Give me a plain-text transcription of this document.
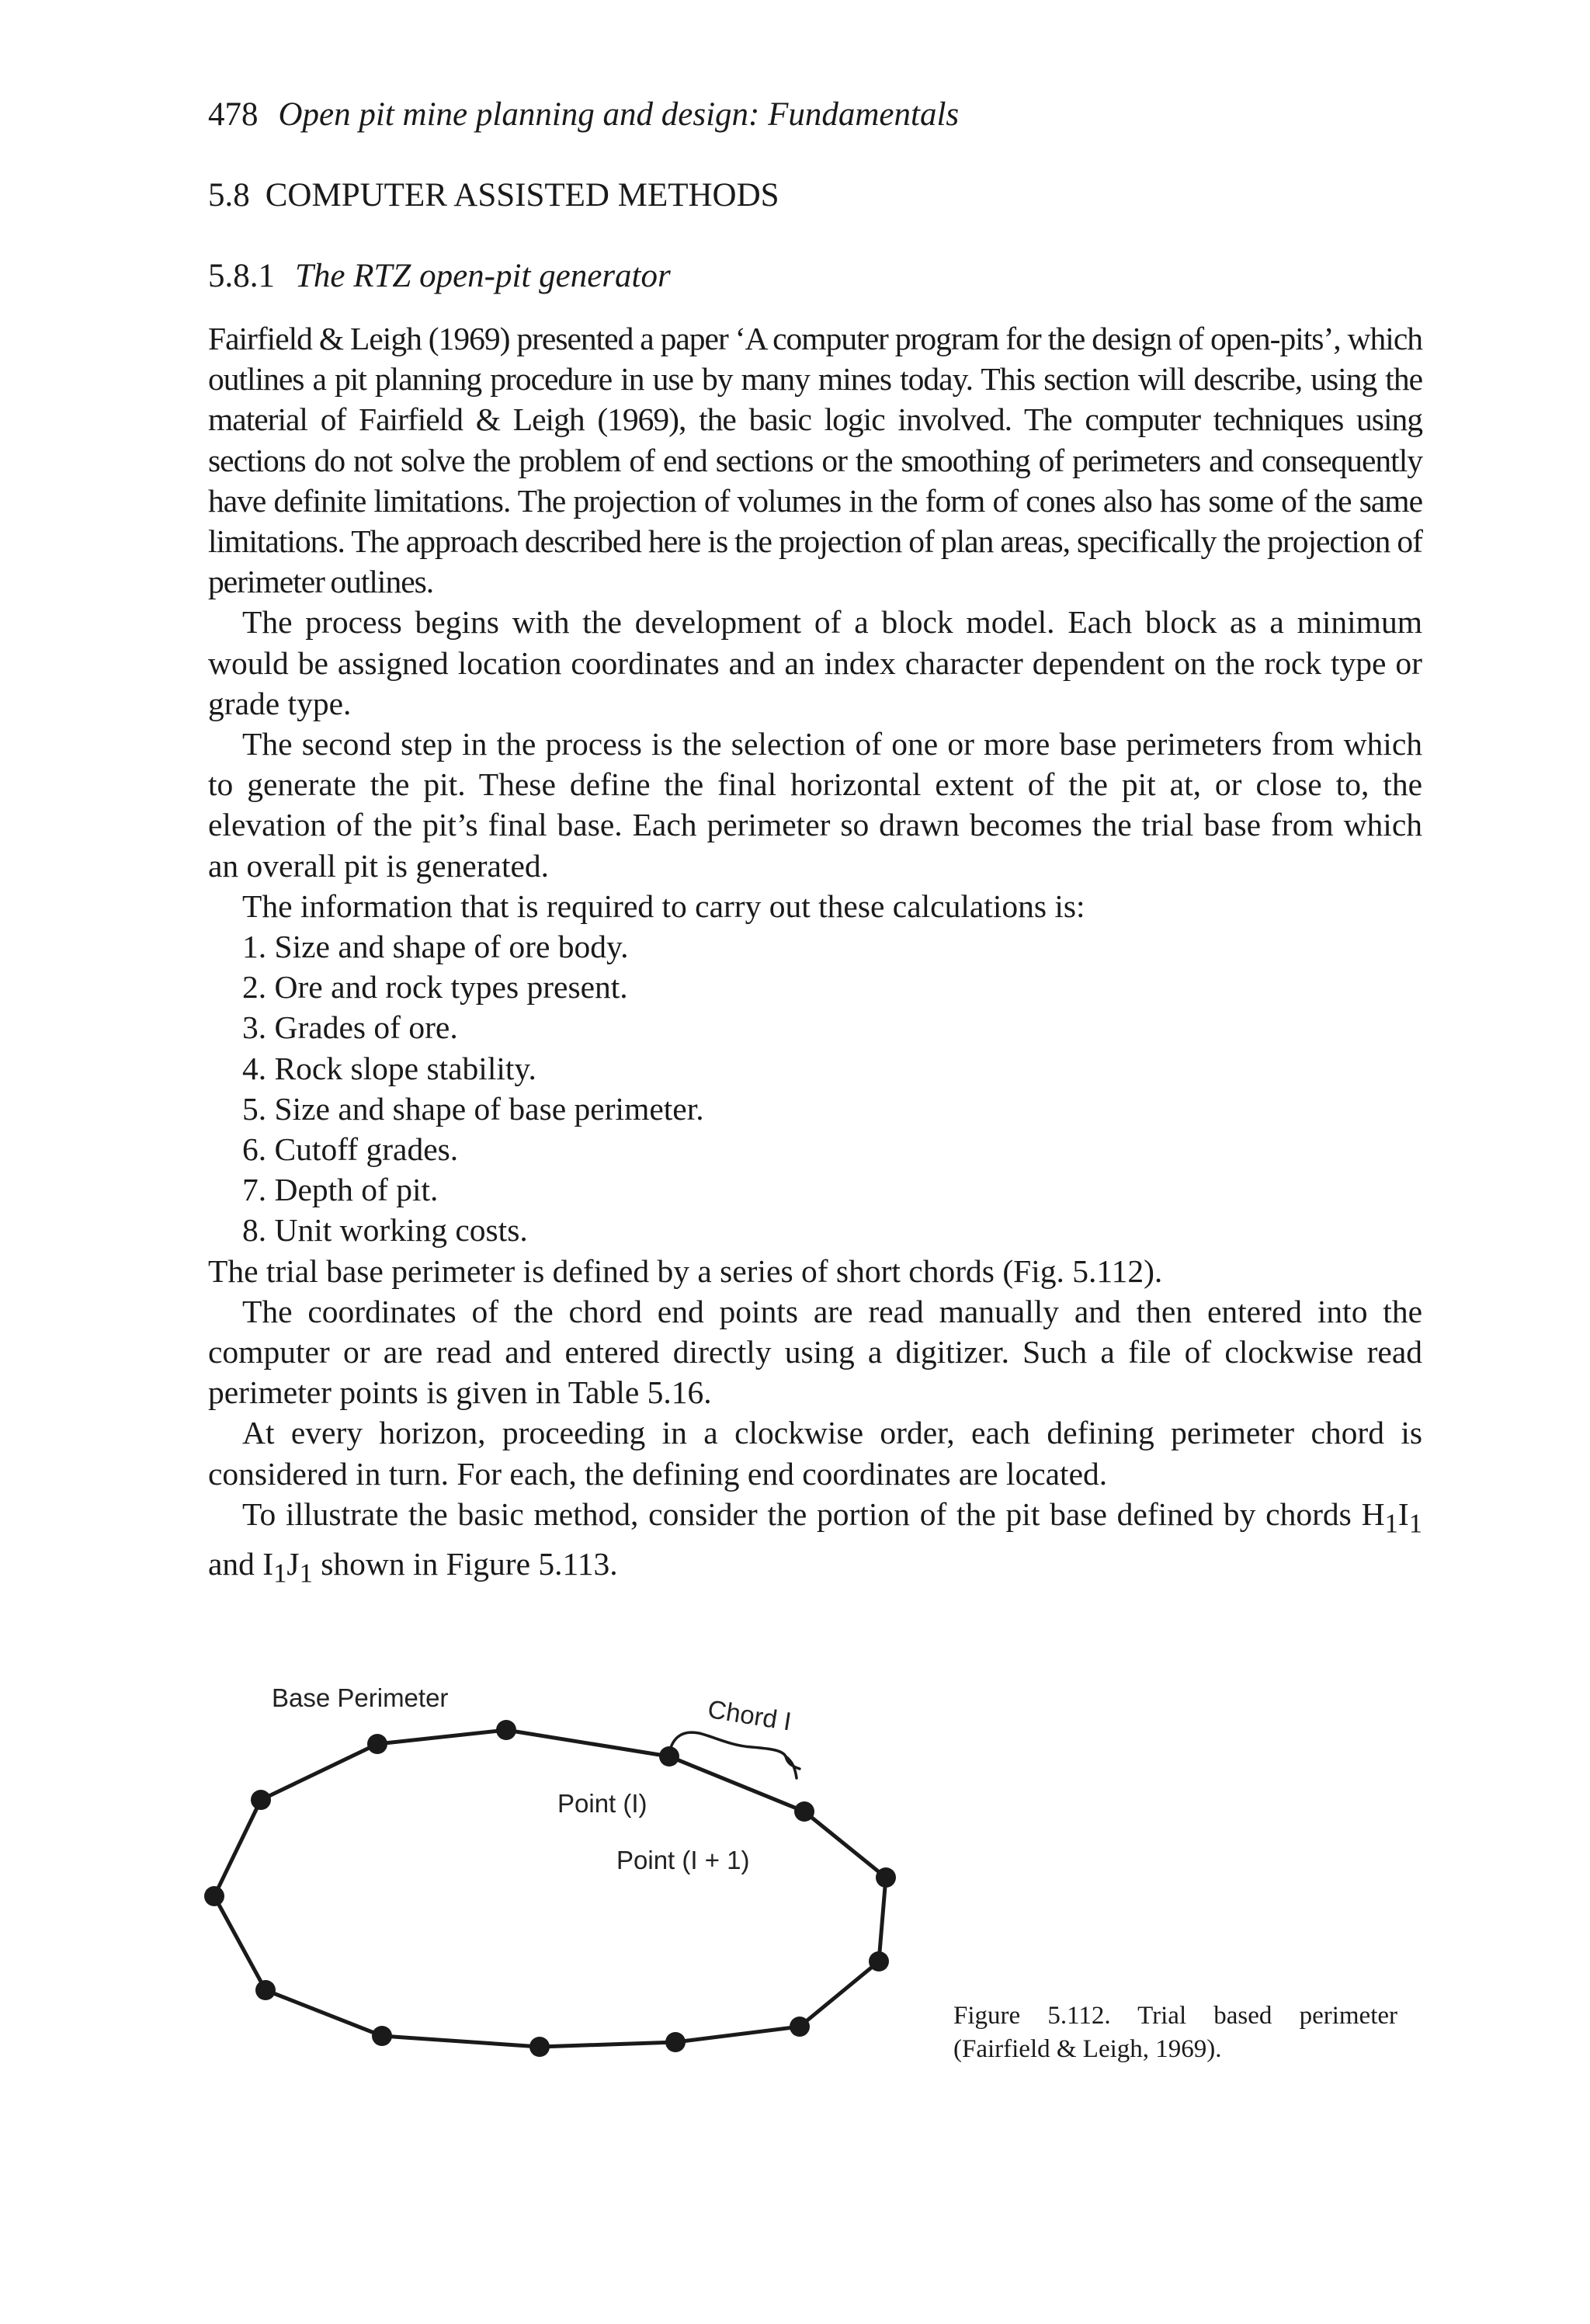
478 Open pit mine planning and design: Fundamentals
5.8 COMPUTER ASSISTED METHODS
5.8.1 The RTZ open-pit generator

Fairfield & Leigh (1969) presented a paper ‘A computer program for the design of open-pits’, which outlines a pit planning procedure in use by many mines today. This section will describe, using the material of Fairfield & Leigh (1969), the basic logic involved. The computer techniques using sections do not solve the problem of end sections or the smoothing of perimeters and consequently have definite limitations. The projection of volumes in the form of cones also has some of the same limitations. The approach described here is the projection of plan areas, specifically the projection of perimeter outlines.

The process begins with the development of a block model. Each block as a minimum would be assigned location coordinates and an index character dependent on the rock type or grade type.

The second step in the process is the selection of one or more base perimeters from which to generate the pit. These define the final horizontal extent of the pit at, or close to, the elevation of the pit’s final base. Each perimeter so drawn becomes the trial base from which an overall pit is generated.

The information that is required to carry out these calculations is:

1. Size and shape of ore body.
2. Ore and rock types present.
3. Grades of ore.
4. Rock slope stability.
5. Size and shape of base perimeter.
6. Cutoff grades.
7. Depth of pit.
8. Unit working costs.

The trial base perimeter is defined by a series of short chords (Fig. 5.112).

The coordinates of the chord end points are read manually and then entered into the computer or are read and entered directly using a digitizer. Such a file of clockwise read perimeter points is given in Table 5.16.

At every horizon, proceeding in a clockwise order, each defining perimeter chord is considered in turn. For each, the defining end coordinates are located.

To illustrate the basic method, consider the portion of the pit base defined by chords $H_1I_1$ and $I_1J_1$ shown in Figure 5.113.

Base Perimeter	Chord I
Point (I)
Point (I + 1)
Figure 5.112. Trial based perimeter (Fairfield & Leigh, 1969).
